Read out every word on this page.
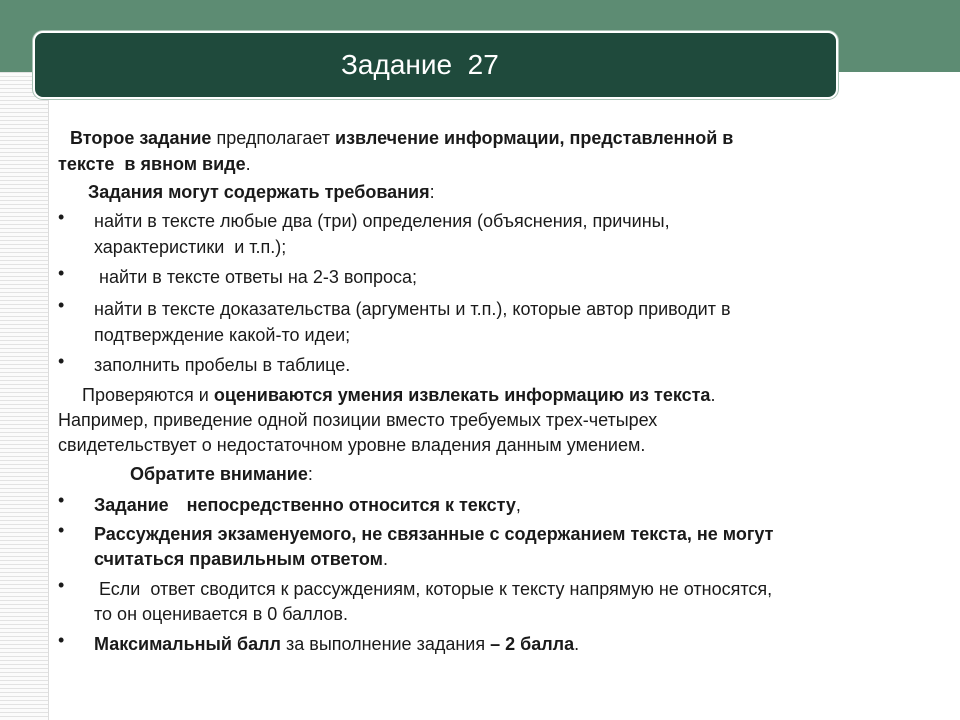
Задание  27
Второе задание предполагает извлечение информации, представленной в
тексте  в явном виде.
Задания могут содержать требования:
• найти в тексте любые два (три) определения (объяснения, причины,
характеристики  и т.п.);
• найти в тексте ответы на 2-3 вопроса;
• найти в тексте доказательства (аргументы и т.п.), которые автор приводит в
подтверждение какой-то идеи;
• заполнить пробелы в таблице.
Проверяются и оцениваются умения извлекать информацию из текста.
Например, приведение одной позиции вместо требуемых трех-четырех
свидетельствует о недостаточном уровне владения данным умением.
Обратите внимание:
• Задание непосредственно относится к тексту,
• Рассуждения экзаменуемого, не связанные с содержанием текста, не могут
считаться правильным ответом.
• Если  ответ сводится к рассуждениям, которые к тексту напрямую не относятся,
то он оценивается в 0 баллов.
• Максимальный балл за выполнение задания – 2 балла.
